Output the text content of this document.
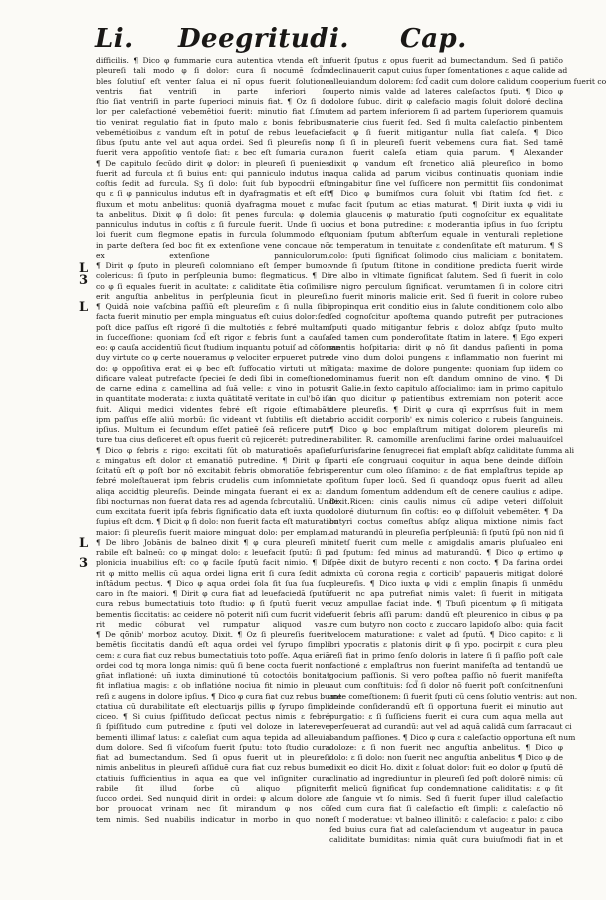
Li. Deegritudi. Cap.
L
3
L
L
3
difficilis. ¶ Dico φ fummarie cura autentica vtenda eſt in
pleureſi tali modo φ ſi dolor: cura ſi nocumē ſcd̃m
bles ſolutiuſ eſt venter ſalua ei nĩ opus fuerit ſolutione
ventris fiat ventriſi in parte inferiori ſo
ſtio ſiat ventriſi in parte ſuperioci minuis fiat. ¶ Oz ſi do
lor per calefactioné vebemētioi fuerit: minutio fiat ſ.ſmu
tio venirat regulatio fiat in ſputo malo ε bonis febribus
vebemétioibus ε vandum eſt in potuſ de rebus leuefacie
ſibus ſputu ante vel aut aqua ordei. Sed ſi pleureſis non
fuerit vera appoſitio ventoſe ſiat: ε bec eſt ſumaria cura.
¶ De capitulo ſecūdo dirit φ dolor: in pleureſi ſi puenies
fuerit ad furcula εt ſi buius ent: qui panniculo indutus in
coſtis ſedit ad furcula. Sʒ ſi dolo: ſuit ſub bypocdríi eſt
qu ε ſi φ panniculus indutus eſt in dyafragmatis et eſt eſt
fluxum et motu anbelitus: quoniā dyafragma mouet ε mu
ta anbelitus. Dixit φ ſi dolo: ſit penes furcula: φ doler
panniculus indutus in coſtis ε ſi furcule fuerit. Unde ſi uo
loi fuerit cum flegmone epatis in furcula ſolummodo eſt
in parte deſtera ſed boc fit ex extenſione vene concaue nō
ex extenſione panniculorum.
¶ Dirit φ ſputo in pleureſi colomniano eſt ſemper bumo:
colericus: ſi ſputo in perſpleunia bumo: flegmaticus. ¶ Di
co φ ſi equales fuerit in acultate: ε caliditate ẽtia coſimilis
erit anguſtia anbelitus in perſpleunia ſicut in pleureſi.
¶ Quidā noie vaſcbina paſſiũ eſt pleureſim ε ſi nulla ſibi
facta fuerit minutio per empla minguatus eſt cuius dolor:ſed
poſt dice paſſus eſt rigoré ſi die multotiés ε febré multam
in ſucceſſione: quoniam ſcd̃ eſt rigor ε febris ſunt a cauſa
eo: φ cauſa accidentiū ſicut ſtudium inquantu potuiſ ad cōſonan
duy virtute co φ certe noueramus φ velociter erpueret putre
do: φ oppoſitiva erat ei φ bec eſt ſuffocatio virtuti ut mī
dificare valeat putrefacte ſpeciei ſe dedi ſibi in comeſtione
de carne edina ε camellina ad ſuā velle: ε vino in potus
in quantitate moderata: ε iuxta quātitatē veritate in cul'bō iſa
fuit. Aliqui medici videntes febré eſt rigoie eſtimabāt
ipm paſſus eſſe aliū morbū: ſic videant vt ſubtilis eſt dieta
ipſius. Multum ei ſecundum eſſet patieē ſeā reſicere putr
ture tua cius deſiceret eſt opus fuerit cū rejicerét: putredine.
¶ Dico φ febris ε rigo: excitati ſūt ob maturatioēs apaſie
ε mingatus eſt dolor εt emanatiō putredine. ¶ Dirit φ ſi
ſcitatū eſt φ poſt bor nō excitabit febris obmoratiōe febris
febré moleſtauerat ipm febris crudelis cum inſomnietate ε
aliqa accidtig pleureſis. Deinde mingata fuerant ei ex a: ε
ſibi nocturnas non fuerat data res ad agenda ſcbrcutaliū. Unde
cum excitata fuerit ipſa febris ſignificatio data eſt iuxta quo
ſupius eſt dcm. ¶ Dicit φ ſi dolo: non fuerit facta eſt maturation
maior: ſi pleureſis fuerit maiore minguat dolo: per emplam.
¶ De libro Jobānis de balneo dixit ¶ φ cura pleureſi mi
rabile eſt balneū: co φ mingat dolo: ε leuefacit ſputū: ſi p
plonicia inuabilius eſt: co φ facile ſputū facit nimio. ¶ Di
rit φ mitto mellis cū aqua ordei ligna erit ſi cura ſedit ad
inſtādum pectus. ¶ Dico φ aqua ordei ſola ſit ſua ſua ſuc
caro in ſte maiori. ¶ Dirit φ cura fiat ad leuefaciedā ſputū
cura rebus bumectatiuis toto ſtudio: φ ſi ſputū fuerit ve
bementis ſiccitatis: ac ceidere nō poterit niſi cum fucrit vide
rit medic cóburat vel rumpatur aliquod vas.
¶ De qõnib' morboz acutoy. Dixit. ¶ Oz ſi pleureſis fuerit
bemētis ſiccitatis dandū eſt aqua ordei vel ſyrupo ſimpli
cem: ε cura fiat cuz rebus bumectatiuis toto poſſe. Aqua eriā
ordei cod tq mora longa nimis: quū ſi bene cocta fuerit non
gñat inflationé: uñ iuxta diminutioné tū cotoctóis bonitat
fit inflatiua magis: ε ob inflatióne nociua fit nimio in pleu
reſi ε augens in dolore ipſius. ¶ Dico φ cura fiat cuz rebus bume
ctatiua cū durabilitate eſt electuarijs pillis φ ſyrupo ſimpli
ciceo. ¶ Si cuius ſpiſſitudo deſiccat pectus nimis ε febré
ſi ſpiſſitudo cum putredine ε ſputi vel doloze in latereve
bementi illimaf latus: ε caleſiat cum aqua tepida ad alleuia
dum dolore. Sed ſi viſcoſum fuerit ſputu: toto ſtudio cura
fiat ad bumectandum. Sed ſi opus fuerit ut in pleureſi
nimis anbelitus in pleureſi aſſiduē cura fiat cuz rebus bume
ctatiuis ſufficientius in aqua ea que vel inſigniter cura
rabile ſit illud ſorbe cũ aliquo pſigniter
ſucco ordei. Sed nunquid dirit in ordei: φ alcum dolore ε
bor prouocat vrinam nec ſit mirandum φ nos cõ
tem nimis. Sed nuabilis indicatur in morbo in quo non
fuerit ſputus ε opus fuerit ad bumectandum. Sed ſi patičo
declinauerit caput cuius ſuper ſomentationes ε aque calide ad
alleuiandum dolorem: ſcd̃ cadit cum dolore calidum cooperium fuerit co
uperto nimis valde ad lateres caleſactos ſputi. ¶ Dico φ
dolore ſubuc. dirit φ calefacio magis ſoluit doloré declina
tem ad partem inferiorem ſi ad partem ſuperiorem quamuis
materie cius fuerit ſed. Sed ſi multa caleſactio pinbentem
facit φ ſi fuerit mitigantur nulla ſiat caleſa. ¶ Dico
φ ſi ſi in pleureſi fuerit vebemens cura fiat. Sed tamē
non fuerit caleſa etiam quia parum. ¶ Alexander
dixit φ vandum eſt ſrcnetico aliā pleureſico in bomo
aqua calida ad parum vicibus continuatis quoniam indie
mingabitur ſine vel ſuſſicere non permittit ſiis condonimat
¶ Dico φ bumiſmos cura ſoluit vbi ſtatim ſcd fiet. ε
fac facit ſputum ac etias maturat. ¶ Dirit iuxta φ vidi iu
nia glaucenis φ maturatio ſputi cognoſcitur ex equalitate
cius et bona putredine: ε moderantia ipſius in ſuo ſcriptu
quoniam ſputum abſterſum equale in venturali repletione
ε temperatum in tenuitate ε condenſitate eſt maturum. ¶ S
colo: ſputi ſignificat ſolimodo cius maliciam ε bonitatem.
vnde ſi ſputum ſtitone in conditione predicta fuerit wirde
re albo in vltimate ſignificat ſalutem. Sed ſi fuerit in colo
re nigro perculum ſignificat. verumtamen ſi in colore citri
no fuerit minoris malicie erit. Sed ſi fuerit in colore rubeo
propinqua erit conditio eius in ſalute conditionem colo albo
ſed cognoſcitur apoſtema quando putrefit per putraciones
ſputi quado mitigantur febris ε doloz abſqz ſputo multo
ſed tamen cum ponderoſitate ſtatim in latere. ¶ Ego experi
mentis hoſpitaria: dirit φ nō ſit dandus paſienti in poma
de vino dum doloi pungens ε inflammatio non fuerint mi
tigata: maxime de dolore pungente: quoniam ſup iidem co
dominamus fuerit non eſt dandum omnino de vino. ¶ Di
rit Galie.in ſexto capitulo aſſocialimo: iam in primo capitulo
in quo dicitur φ patientibus extremiam non poterit acce
dere pleureſis. ¶ Dirit φ cura qī exprrſsus fuit in mem
brio accidit corporib' ex nimis colerico ε rubeis ſanguineis.
¶ Dico φ boc emplaſtrum mitigat dolorem pleureſis mi
rabiliter. R. camomille arenſuclimi farine ordei maluauiſcel
ſurſurisfarine ſenugrecei fiat emplaſt abſqz caliditate ſumma ali
parti eſe congruaui coquitur in aqua bene deinde diſſoin
perentur cum oleo ſiſamino: ε de fiat emplaſtrus tepide ap
poſitum ſuper locū. Sed ſi quandoqz opus fuerit ad alleu
landum ſomentum addendum eſt de cenere caulius ε adipe.
Dixit.Ricen: cinis caulis nimus cū adipe veteri diſſoluit
doloré diuturnum ſin coſtis: eo φ diſſoluit vebemēter. ¶ Da
butyri coctus comeſtus abſqz aliqua mixtione nimis fact
ad maturandū in pleureſia perſpleuniā: ſi ſputū ſpū non nid ſi
nitetſ fuerit cum melle ε amigdalis amaris pluſualeo eni
ad ſputum: ſed minus ad maturandū. ¶ Dico φ ertimo φ
ſpēe dixit de butyro recenti ε non cocto. ¶ Da farina ordei
mixta cū corona regia ε corticib' papaueris mitigat doloré
pleureſis. ¶ Dico iuxta φ vidi ε emplin ſinapis ſi unmēdu
fuerit nc apa putrefiat nimis valet: ſi fuerit in mitigata
cuz ampullae faciat inde. ¶ Tbuſi picentum φ ſi mitigata
fuerit ſebris aſſi parum: dandū eſt pleurenico in cibus φ pa
re cum butyro non cocto ε zuccaro lapidoſo albo: quia facit
velocem maturatione: ε valet ad ſputū. ¶ Dico capito: ε li
bri ypocratis ε platonis dirit φ ſi ypo. pocirpit ε cura pleu
reſi fiat in primo ſenſo doloris in latere ſi ſi paſſio poſt cale
factioné ε emplaſtrus non fuerint manifeſta ad tentandū ue
gocium paſſionis. Si vero poſtea paſſio nō fuerit manifeſta
aut cum conſtituis: ſcd̃ ſi dolor nō fuerit poſt conſcitnenſuni
ante comeſtionem: ſi fuerit ſputi cū cens ſolutio ventris: aut non.
deinde conſiderandū eſt ſi opportuna fuerit ei minutio aut
purgatio: ε ſi ſuſſiciens fuerit ei cura cum aqua mella aut
perſeuerat ad curandū: aut vel ad aquā calidā cum ſarracaut ci
bandum paſſiones. ¶ Dico φ cura ε caleſactio opportuna eſt num
doloze: ε ſi non fuerit nec anguſtia anbelitus. ¶ Dico φ
dolo: ε ſi dolo: non ſuerit nec anguſtia anbelitus ¶ Dico φ de
dixit eo dicit Ho. dixit ε ſoluat dolor: fuit eo dolor φ ſputū dē
clinatio ad ingrediuntur in pleureſi ſed poſt dolorē nimis: cū
fit melicū ſignificat ſup condemnatione caliditatis: ε φ ſit
de ſanguie vt ſo nimis. Sed ſi fuerit ſuper illud caleſactio
ſed cum cura fiat ſi caleſactio eſt ſimpli: ε caleſactio nō
eſt ſ moderatue: vt balneo illinitō: ε caleſacio: ε palo: ε cibo
ſed buius cura fiat ad caleſaciendum vt augeatur in pauca
caliditate bumiditas: nimia quāt cura buiuſmodi fiat in et
